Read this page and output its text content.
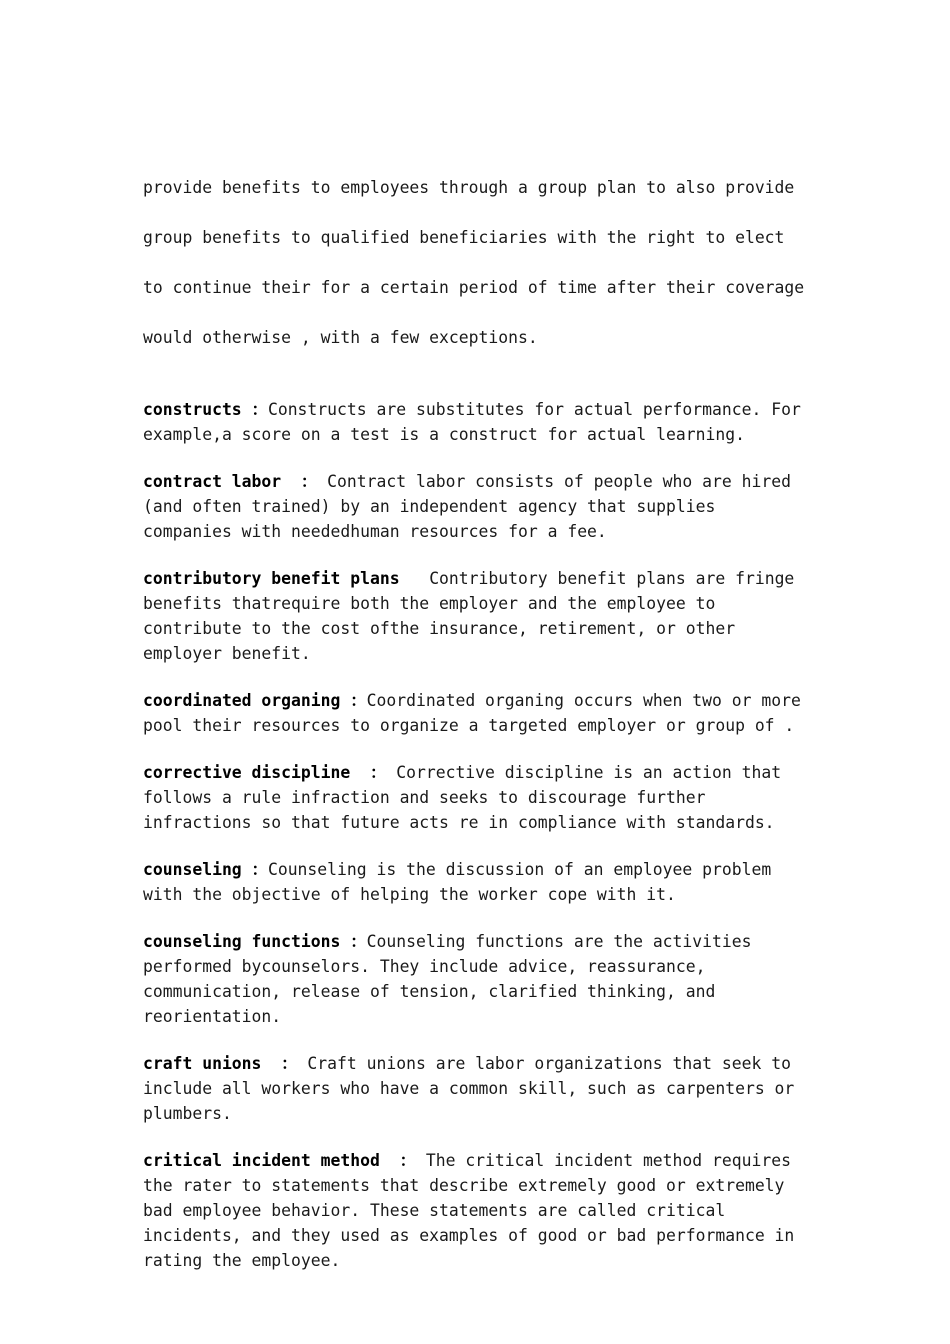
provide benefits to employees through a group plan to also provide

group benefits to qualified beneficiaries with the right to elect

to continue their for a certain period of time after their coverage

would otherwise , with a few exceptions.

constructs ：Constructs are substitutes for actual performance. For
example,a score on a test is a construct for actual learning.
contract labor  ： Contract labor consists of people who are hired
(and often trained) by an independent agency that supplies
companies with neededhuman resources for a fee.
contributory benefit plans Contributory benefit plans are fringe
benefits thatrequire both the employer and the employee to
contribute to the cost ofthe insurance, retirement, or other
employer benefit.
coordinated organing ：Coordinated organing occurs when two or more
pool their resources to organize a targeted employer or group of .
corrective discipline  ： Corrective discipline is an action that
follows a rule infraction and seeks to discourage further
infractions so that future acts re in compliance with standards.
counseling ：Counseling is the discussion of an employee problem
with the objective of helping the worker cope with it.
counseling functions ：Counseling functions are the activities
performed bycounselors. They include advice, reassurance,
communication, release of tension, clarified thinking, and
reorientation.
craft unions  ： Craft unions are labor organizations that seek to
include all workers who have a common skill, such as carpenters or
plumbers.
critical incident method  ： The critical incident method requires
the rater to statements that describe extremely good or extremely
bad employee behavior. These statements are called critical
incidents, and they used as examples of good or bad performance in
rating the employee.
